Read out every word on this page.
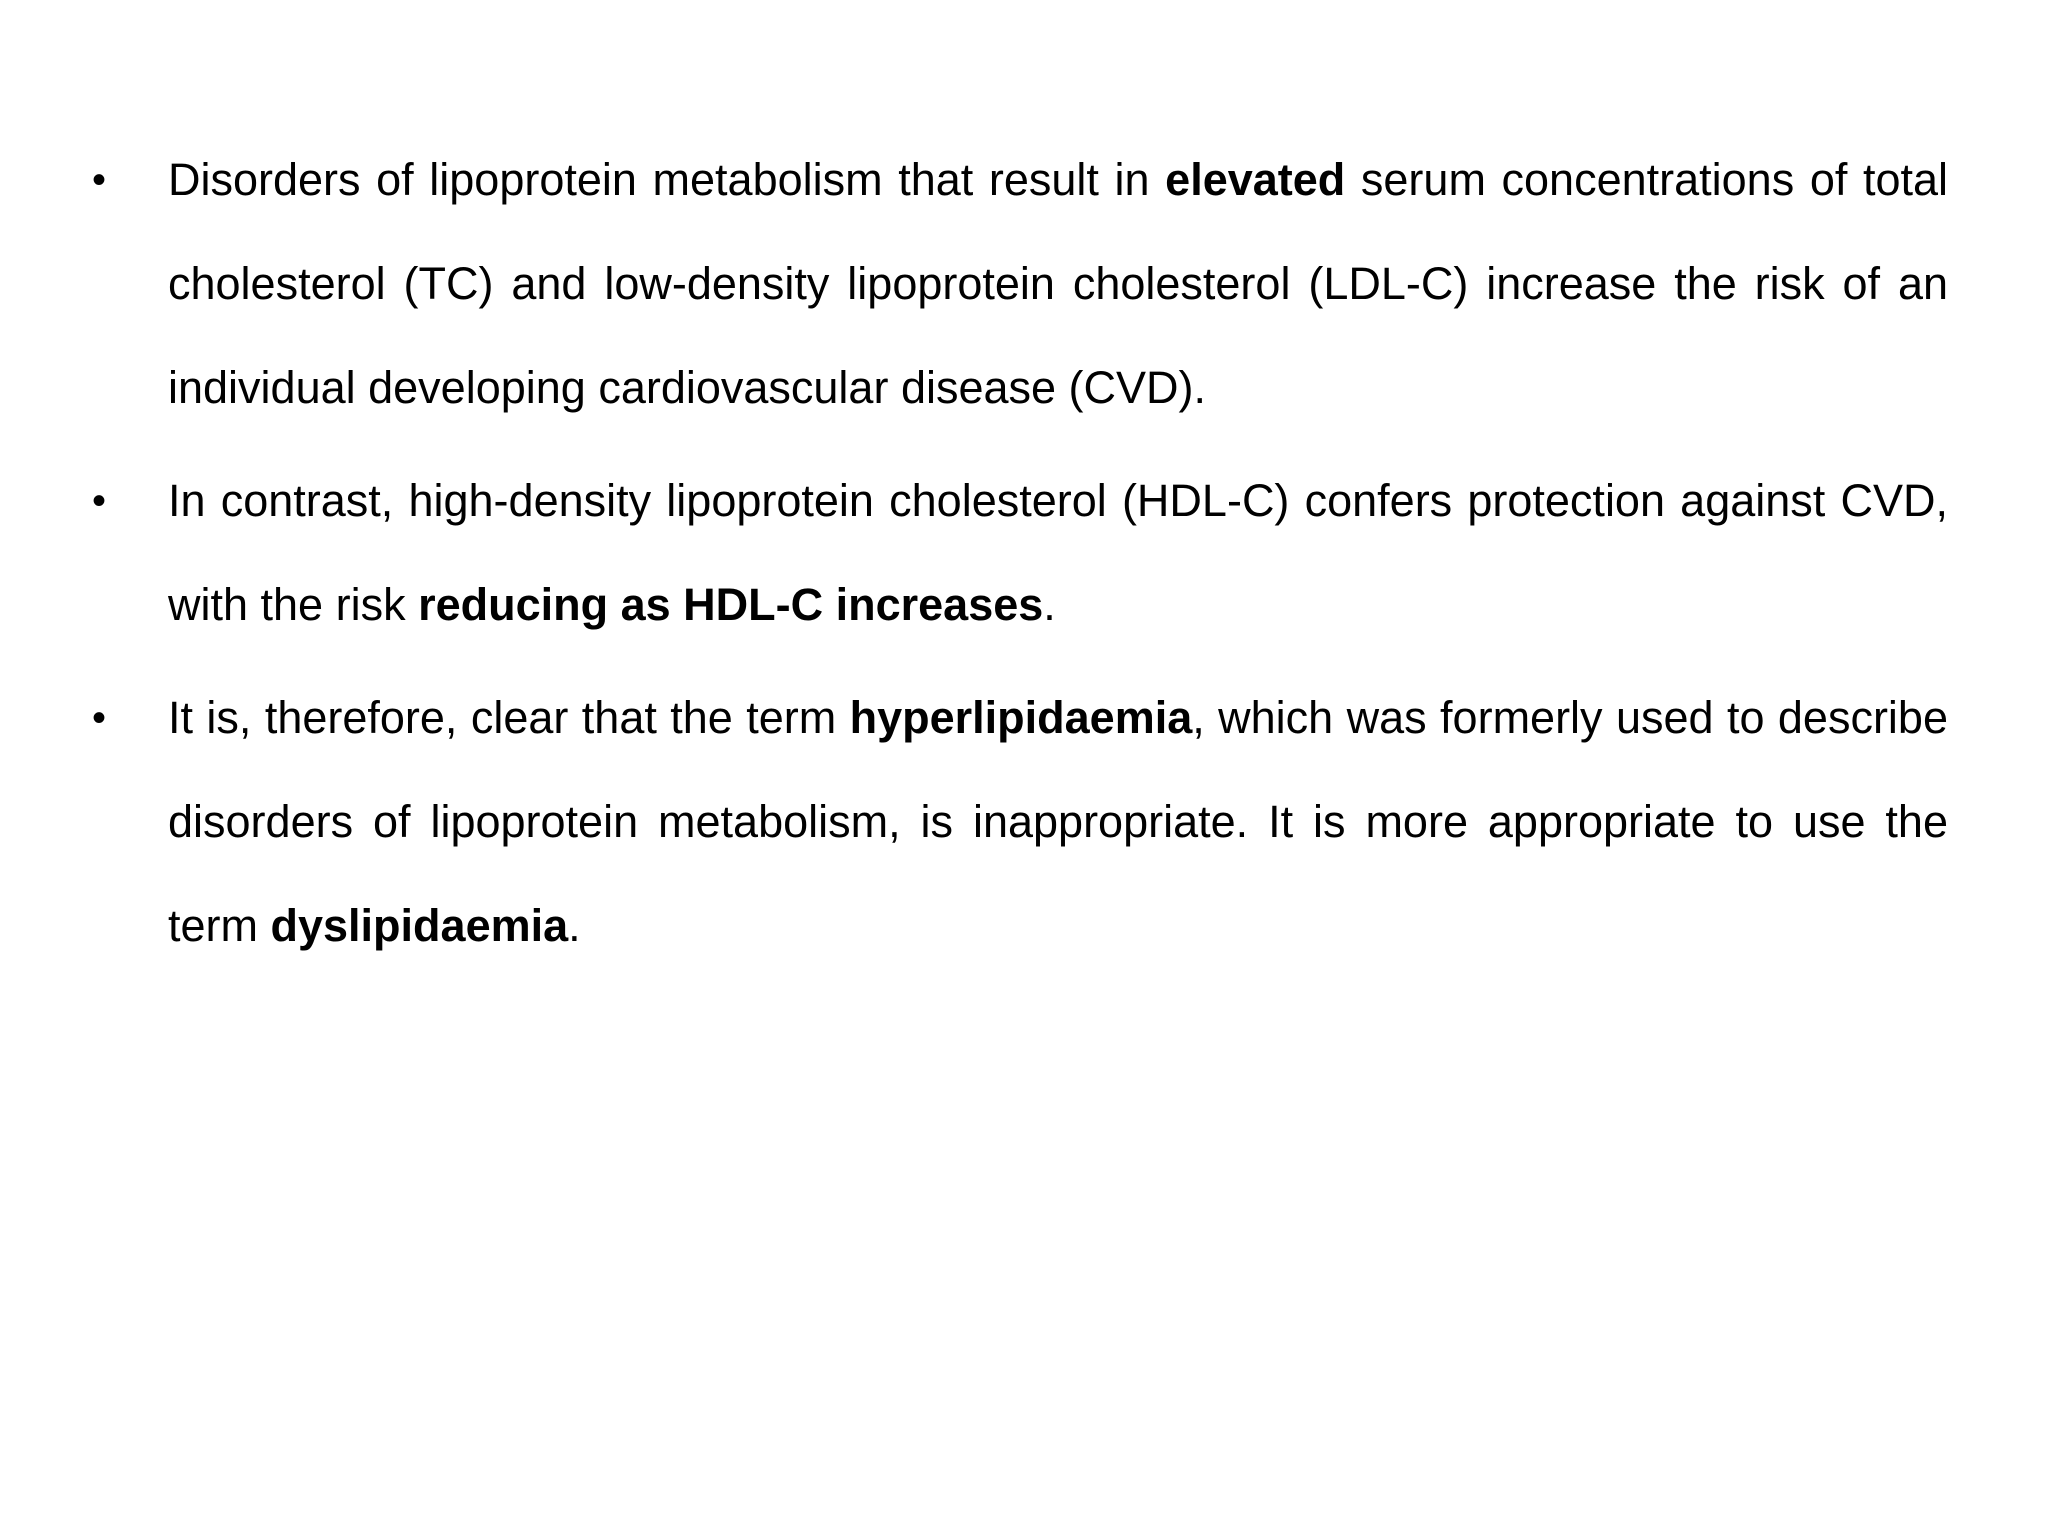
• Disorders of lipoprotein metabolism that result in elevated serum concentrations of total cholesterol (TC) and low-density lipoprotein cholesterol (LDL-C) increase the risk of an individual developing cardiovascular disease (CVD).
• In contrast, high-density lipoprotein cholesterol (HDL-C) confers protection against CVD, with the risk reducing as HDL-C increases.
• It is, therefore, clear that the term hyperlipidaemia, which was formerly used to describe disorders of lipoprotein metabolism, is inappropriate. It is more appropriate to use the term dyslipidaemia.
